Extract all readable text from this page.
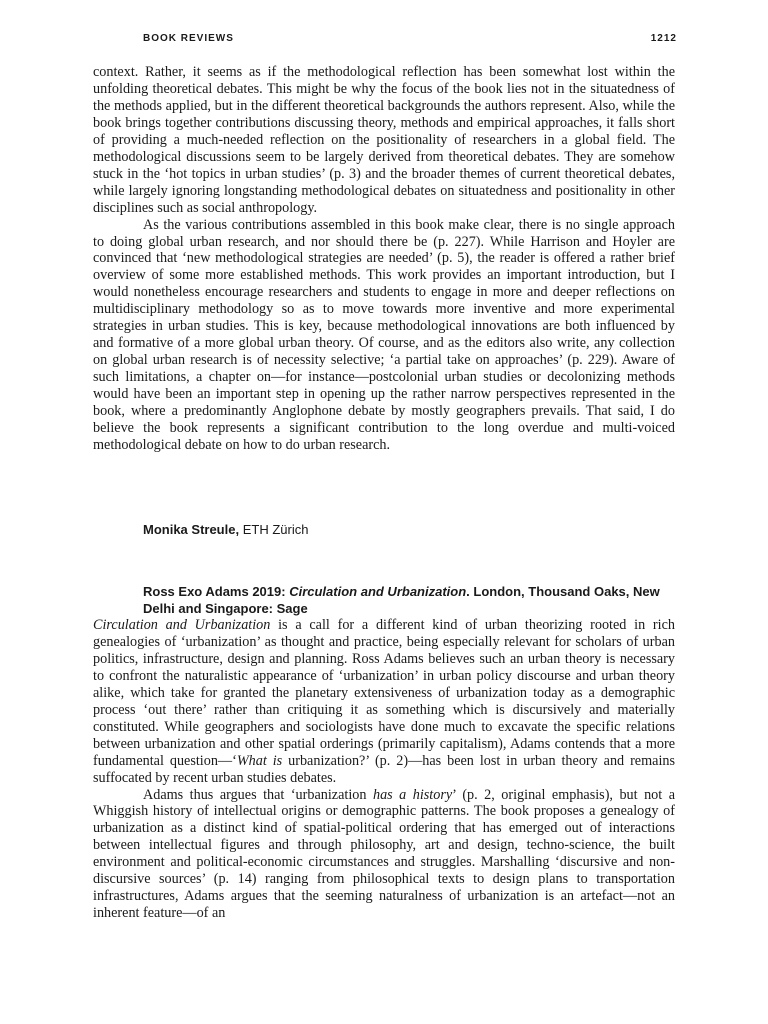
BOOK REVIEWS	1212

context. Rather, it seems as if the methodological reflection has been somewhat lost within the unfolding theoretical debates. This might be why the focus of the book lies not in the situatedness of the methods applied, but in the different theoretical backgrounds the authors represent. Also, while the book brings together contributions discussing theory, methods and empirical approaches, it falls short of providing a much-needed reflection on the positionality of researchers in a global field. The methodological discussions seem to be largely derived from theoretical debates. They are somehow stuck in the ‘hot topics in urban studies’ (p. 3) and the broader themes of current theoretical debates, while largely ignoring longstanding methodological debates on situatedness and positionality in other disciplines such as social anthropology.

As the various contributions assembled in this book make clear, there is no single approach to doing global urban research, and nor should there be (p. 227). While Harrison and Hoyler are convinced that ‘new methodological strategies are needed’ (p. 5), the reader is offered a rather brief overview of some more established methods. This work provides an important introduction, but I would nonetheless encourage researchers and students to engage in more and deeper reflections on multidisciplinary methodology so as to move towards more inventive and more experimental strategies in urban studies. This is key, because methodological innovations are both influenced by and formative of a more global urban theory. Of course, and as the editors also write, any collection on global urban research is of necessity selective; ‘a partial take on approaches’ (p. 229). Aware of such limitations, a chapter on—for instance—postcolonial urban studies or decolonizing methods would have been an important step in opening up the rather narrow perspectives represented in the book, where a predominantly Anglophone debate by mostly geographers prevails. That said, I do believe the book represents a significant contribution to the long overdue and multi-voiced methodological debate on how to do urban research.

Monika Streule, ETH Zürich
Ross Exo Adams 2019: Circulation and Urbanization. London, Thousand Oaks, New Delhi and Singapore: Sage

Circulation and Urbanization is a call for a different kind of urban theorizing rooted in rich genealogies of ‘urbanization’ as thought and practice, being especially relevant for scholars of urban politics, infrastructure, design and planning. Ross Adams believes such an urban theory is necessary to confront the naturalistic appearance of ‘urbanization’ in urban policy discourse and urban theory alike, which take for granted the planetary extensiveness of urbanization today as a demographic process ‘out there’ rather than critiquing it as something which is discursively and materially constituted. While geographers and sociologists have done much to excavate the specific relations between urbanization and other spatial orderings (primarily capitalism), Adams contends that a more fundamental question—‘What is urbanization?’ (p. 2)—has been lost in urban theory and remains suffocated by recent urban studies debates.

Adams thus argues that ‘urbanization has a history’ (p. 2, original emphasis), but not a Whiggish history of intellectual origins or demographic patterns. The book proposes a genealogy of urbanization as a distinct kind of spatial-political ordering that has emerged out of interactions between intellectual figures and through philosophy, art and design, techno-science, the built environment and political-economic circumstances and struggles. Marshalling ‘discursive and non-discursive sources’ (p. 14) ranging from philosophical texts to design plans to transportation infrastructures, Adams argues that the seeming naturalness of urbanization is an artefact—not an inherent feature—of an
